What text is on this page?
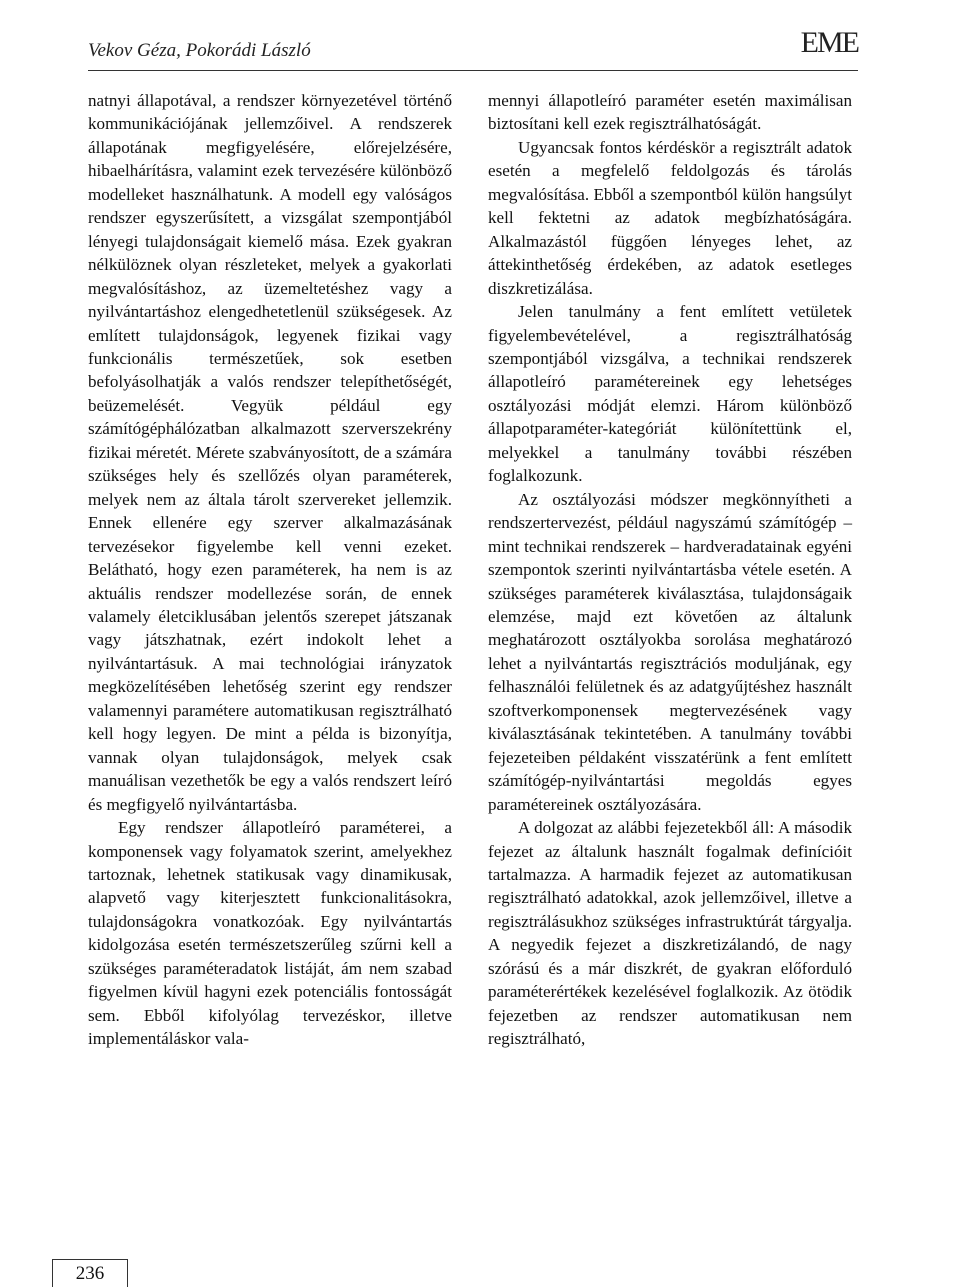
Vekov Géza, Pokorádi László	EME

natnyi állapotával, a rendszer környezetével történő kommunikációjának jellemzőivel. A rendszerek állapotának megfigyelésére, előrejelzésére, hibaelhárításra, valamint ezek tervezésére különböző modelleket használhatunk. A modell egy valóságos rendszer egyszerűsített, a vizsgálat szempontjából lényegi tulajdonságait kiemelő mása. Ezek gyakran nélkülöznek olyan részleteket, melyek a gyakorlati megvalósításhoz, az üzemeltetéshez vagy a nyilvántartáshoz elengedhetetlenül szükségesek. Az említett tulajdonságok, legyenek fizikai vagy funkcionális természetűek, sok esetben befolyásolhatják a valós rendszer telepíthetőségét, beüzemelését. Vegyük például egy számítógéphálózatban alkalmazott szerverszekrény fizikai méretét. Mérete szabványosított, de a számára szükséges hely és szellőzés olyan paraméterek, melyek nem az általa tárolt szervereket jellemzik. Ennek ellenére egy szerver alkalmazásának tervezésekor figyelembe kell venni ezeket. Belátható, hogy ezen paraméterek, ha nem is az aktuális rendszer modellezése során, de ennek valamely életciklusában jelentős szerepet játszanak vagy játszhatnak, ezért indokolt lehet a nyilvántartásuk. A mai technológiai irányzatok megközelítésében lehetőség szerint egy rendszer valamennyi paramétere automatikusan regisztrálható kell hogy legyen. De mint a példa is bizonyítja, vannak olyan tulajdonságok, melyek csak manuálisan vezethetők be egy a valós rendszert leíró és megfigyelő nyilvántartásba.

Egy rendszer állapotleíró paraméterei, a komponensek vagy folyamatok szerint, amelyekhez tartoznak, lehetnek statikusak vagy dinamikusak, alapvető vagy kiterjesztett funkcionalitásokra, tulajdonságokra vonatkozóak. Egy nyilvántartás kidolgozása esetén természetszerűleg szűrni kell a szükséges paraméteradatok listáját, ám nem szabad figyelmen kívül hagyni ezek potenciális fontosságát sem. Ebből kifolyólag tervezéskor, illetve implementáláskor vala-

mennyi állapotleíró paraméter esetén maximálisan biztosítani kell ezek regisztrálhatóságát.

Ugyancsak fontos kérdéskör a regisztrált adatok esetén a megfelelő feldolgozás és tárolás megvalósítása. Ebből a szempontból külön hangsúlyt kell fektetni az adatok megbízhatóságára. Alkalmazástól függően lényeges lehet, az áttekinthetőség érdekében, az adatok esetleges diszkretizálása.

Jelen tanulmány a fent említett vetületek figyelembevételével, a regisztrálhatóság szempontjából vizsgálva, a technikai rendszerek állapotleíró paramétereinek egy lehetséges osztályozási módját elemzi. Három különböző állapotparaméter-kategóriát különítettünk el, melyekkel a tanulmány további részében foglalkozunk.

Az osztályozási módszer megkönnyítheti a rendszertervezést, például nagyszámú számítógép – mint technikai rendszerek – hardveradatainak egyéni szempontok szerinti nyilvántartásba vétele esetén. A szükséges paraméterek kiválasztása, tulajdonságaik elemzése, majd ezt követően az általunk meghatározott osztályokba sorolása meghatározó lehet a nyilvántartás regisztrációs moduljának, egy felhasználói felületnek és az adatgyűjtéshez használt szoftverkomponensek megtervezésének vagy kiválasztásának tekintetében. A tanulmány további fejezeteiben példaként visszatérünk a fent említett számítógép-nyilvántartási megoldás egyes paramétereinek osztályozására.

A dolgozat az alábbi fejezetekből áll: A második fejezet az általunk használt fogalmak definícióit tartalmazza. A harmadik fejezet az automatikusan regisztrálható adatokkal, azok jellemzőivel, illetve a regisztrálásukhoz szükséges infrastruktúrát tárgyalja. A negyedik fejezet a diszkretizálandó, de nagy szórású és a már diszkrét, de gyakran előforduló paraméterértékek kezelésével foglalkozik. Az ötödik fejezetben az rendszer automatikusan nem regisztrálható,

236
